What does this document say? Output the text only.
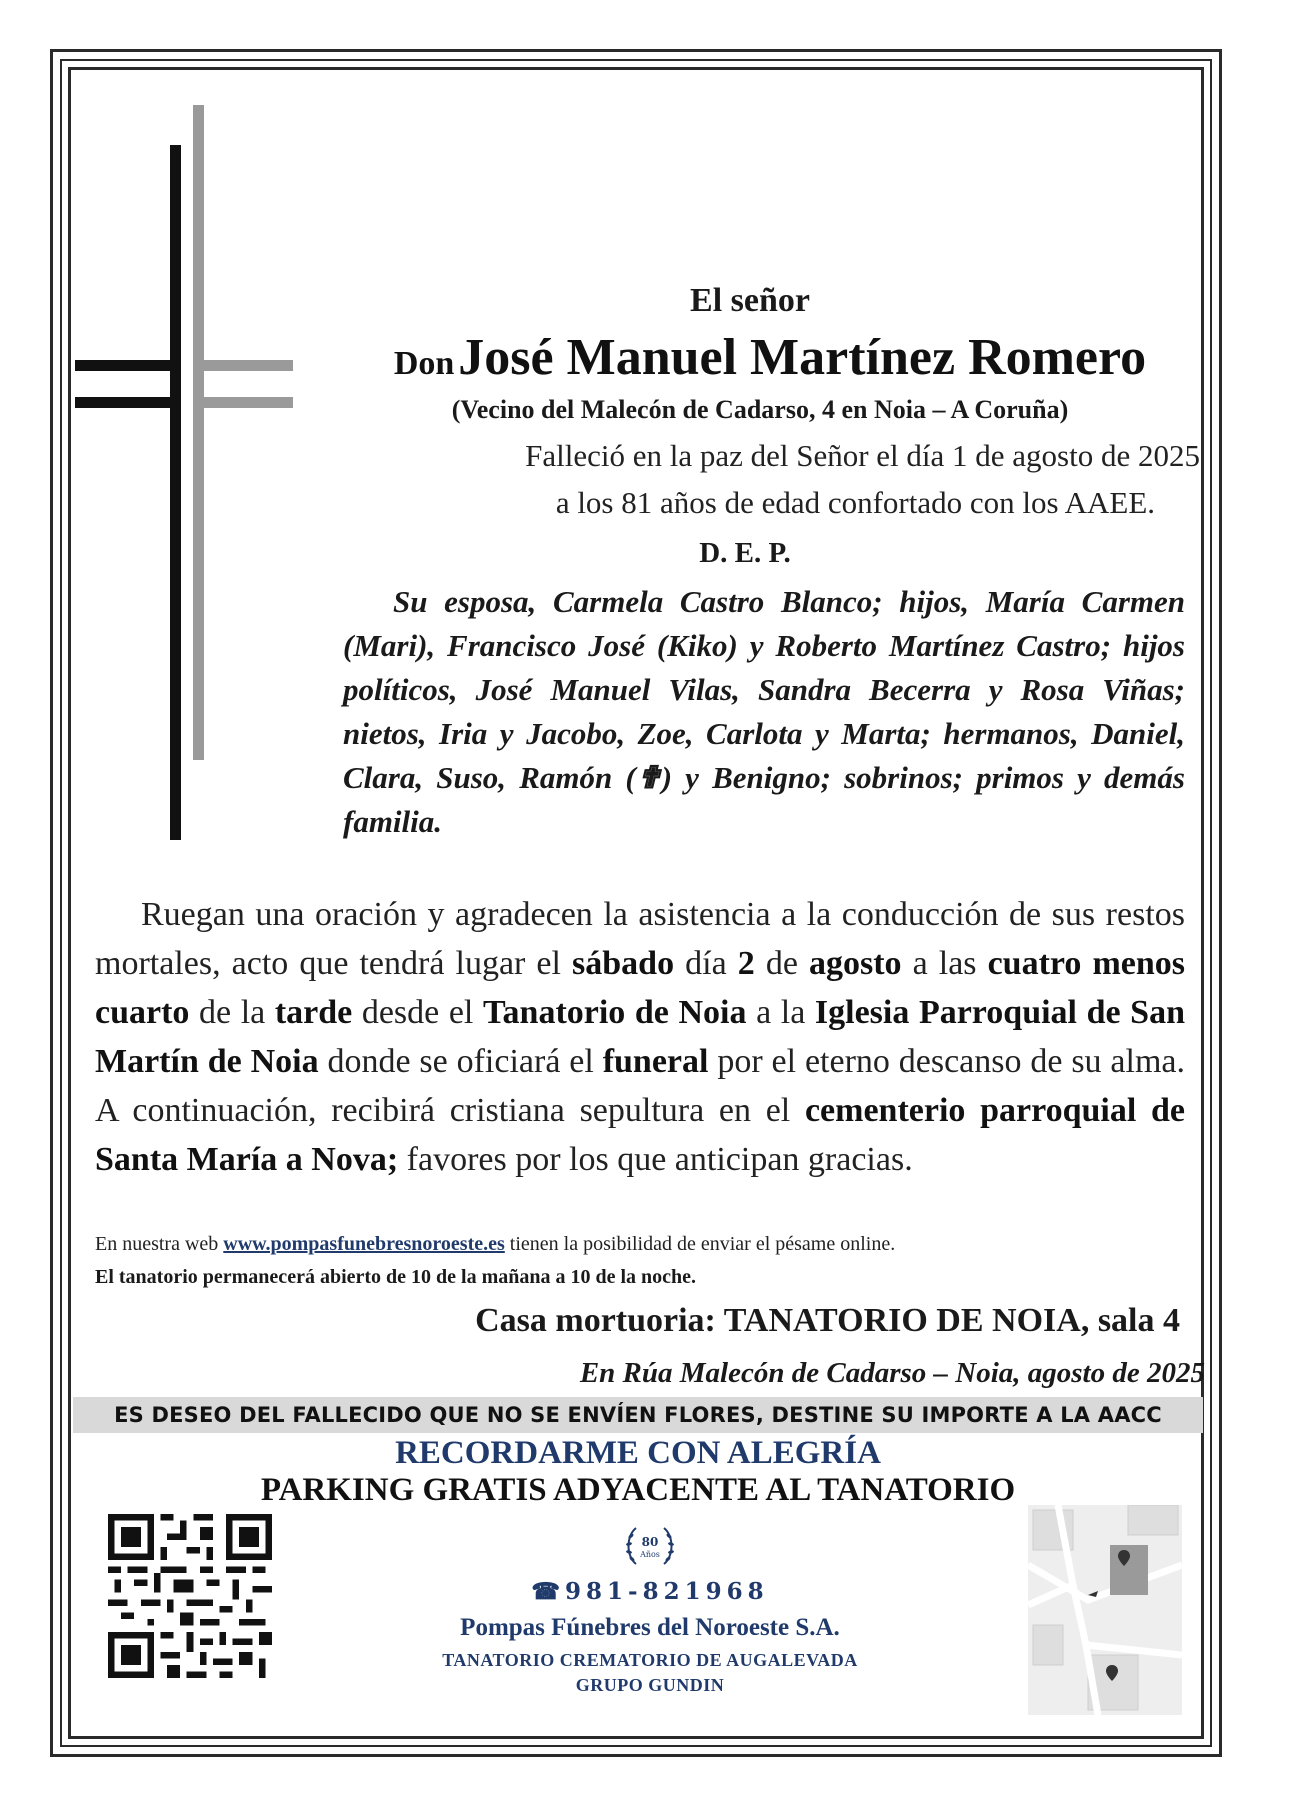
El señor
Don José Manuel Martínez Romero
(Vecino del Malecón de Cadarso, 4 en Noia – A Coruña)
Falleció en la paz del Señor el día 1 de agosto de 2025
a los 81 años de edad confortado con los AAEE.
D. E. P.
Su esposa, Carmela Castro Blanco; hijos, María Carmen (Mari), Francisco José (Kiko) y Roberto Martínez Castro; hijos políticos, José Manuel Vilas, Sandra Becerra y Rosa Viñas; nietos, Iria y Jacobo, Zoe, Carlota y Marta; hermanos, Daniel, Clara, Suso, Ramón (✟) y Benigno; sobrinos; primos y demás familia.
Ruegan una oración y agradecen la asistencia a la conducción de sus restos mortales, acto que tendrá lugar el sábado día 2 de agosto a las cuatro menos cuarto de la tarde desde el Tanatorio de Noia a la Iglesia Parroquial de San Martín de Noia donde se oficiará el funeral por el eterno descanso de su alma. A continuación, recibirá cristiana sepultura en el cementerio parroquial de Santa María a Nova; favores por los que anticipan gracias.
En nuestra web www.pompasfunebresnoroeste.es tienen la posibilidad de enviar el pésame online.
El tanatorio permanecerá abierto de 10 de la mañana a 10 de la noche.
Casa mortuoria: TANATORIO DE NOIA, sala 4
En Rúa Malecón de Cadarso – Noia, agosto de 2025
ES DESEO DEL FALLECIDO QUE NO SE ENVÍEN FLORES, DESTINE SU IMPORTE A LA AACC
RECORDARME CON ALEGRÍA
PARKING GRATIS ADYACENTE AL TANATORIO
80
Años
☎981-821968
Pompas Fúnebres del Noroeste S.A.
TANATORIO CREMATORIO DE AUGALEVADA
GRUPO GUNDIN
